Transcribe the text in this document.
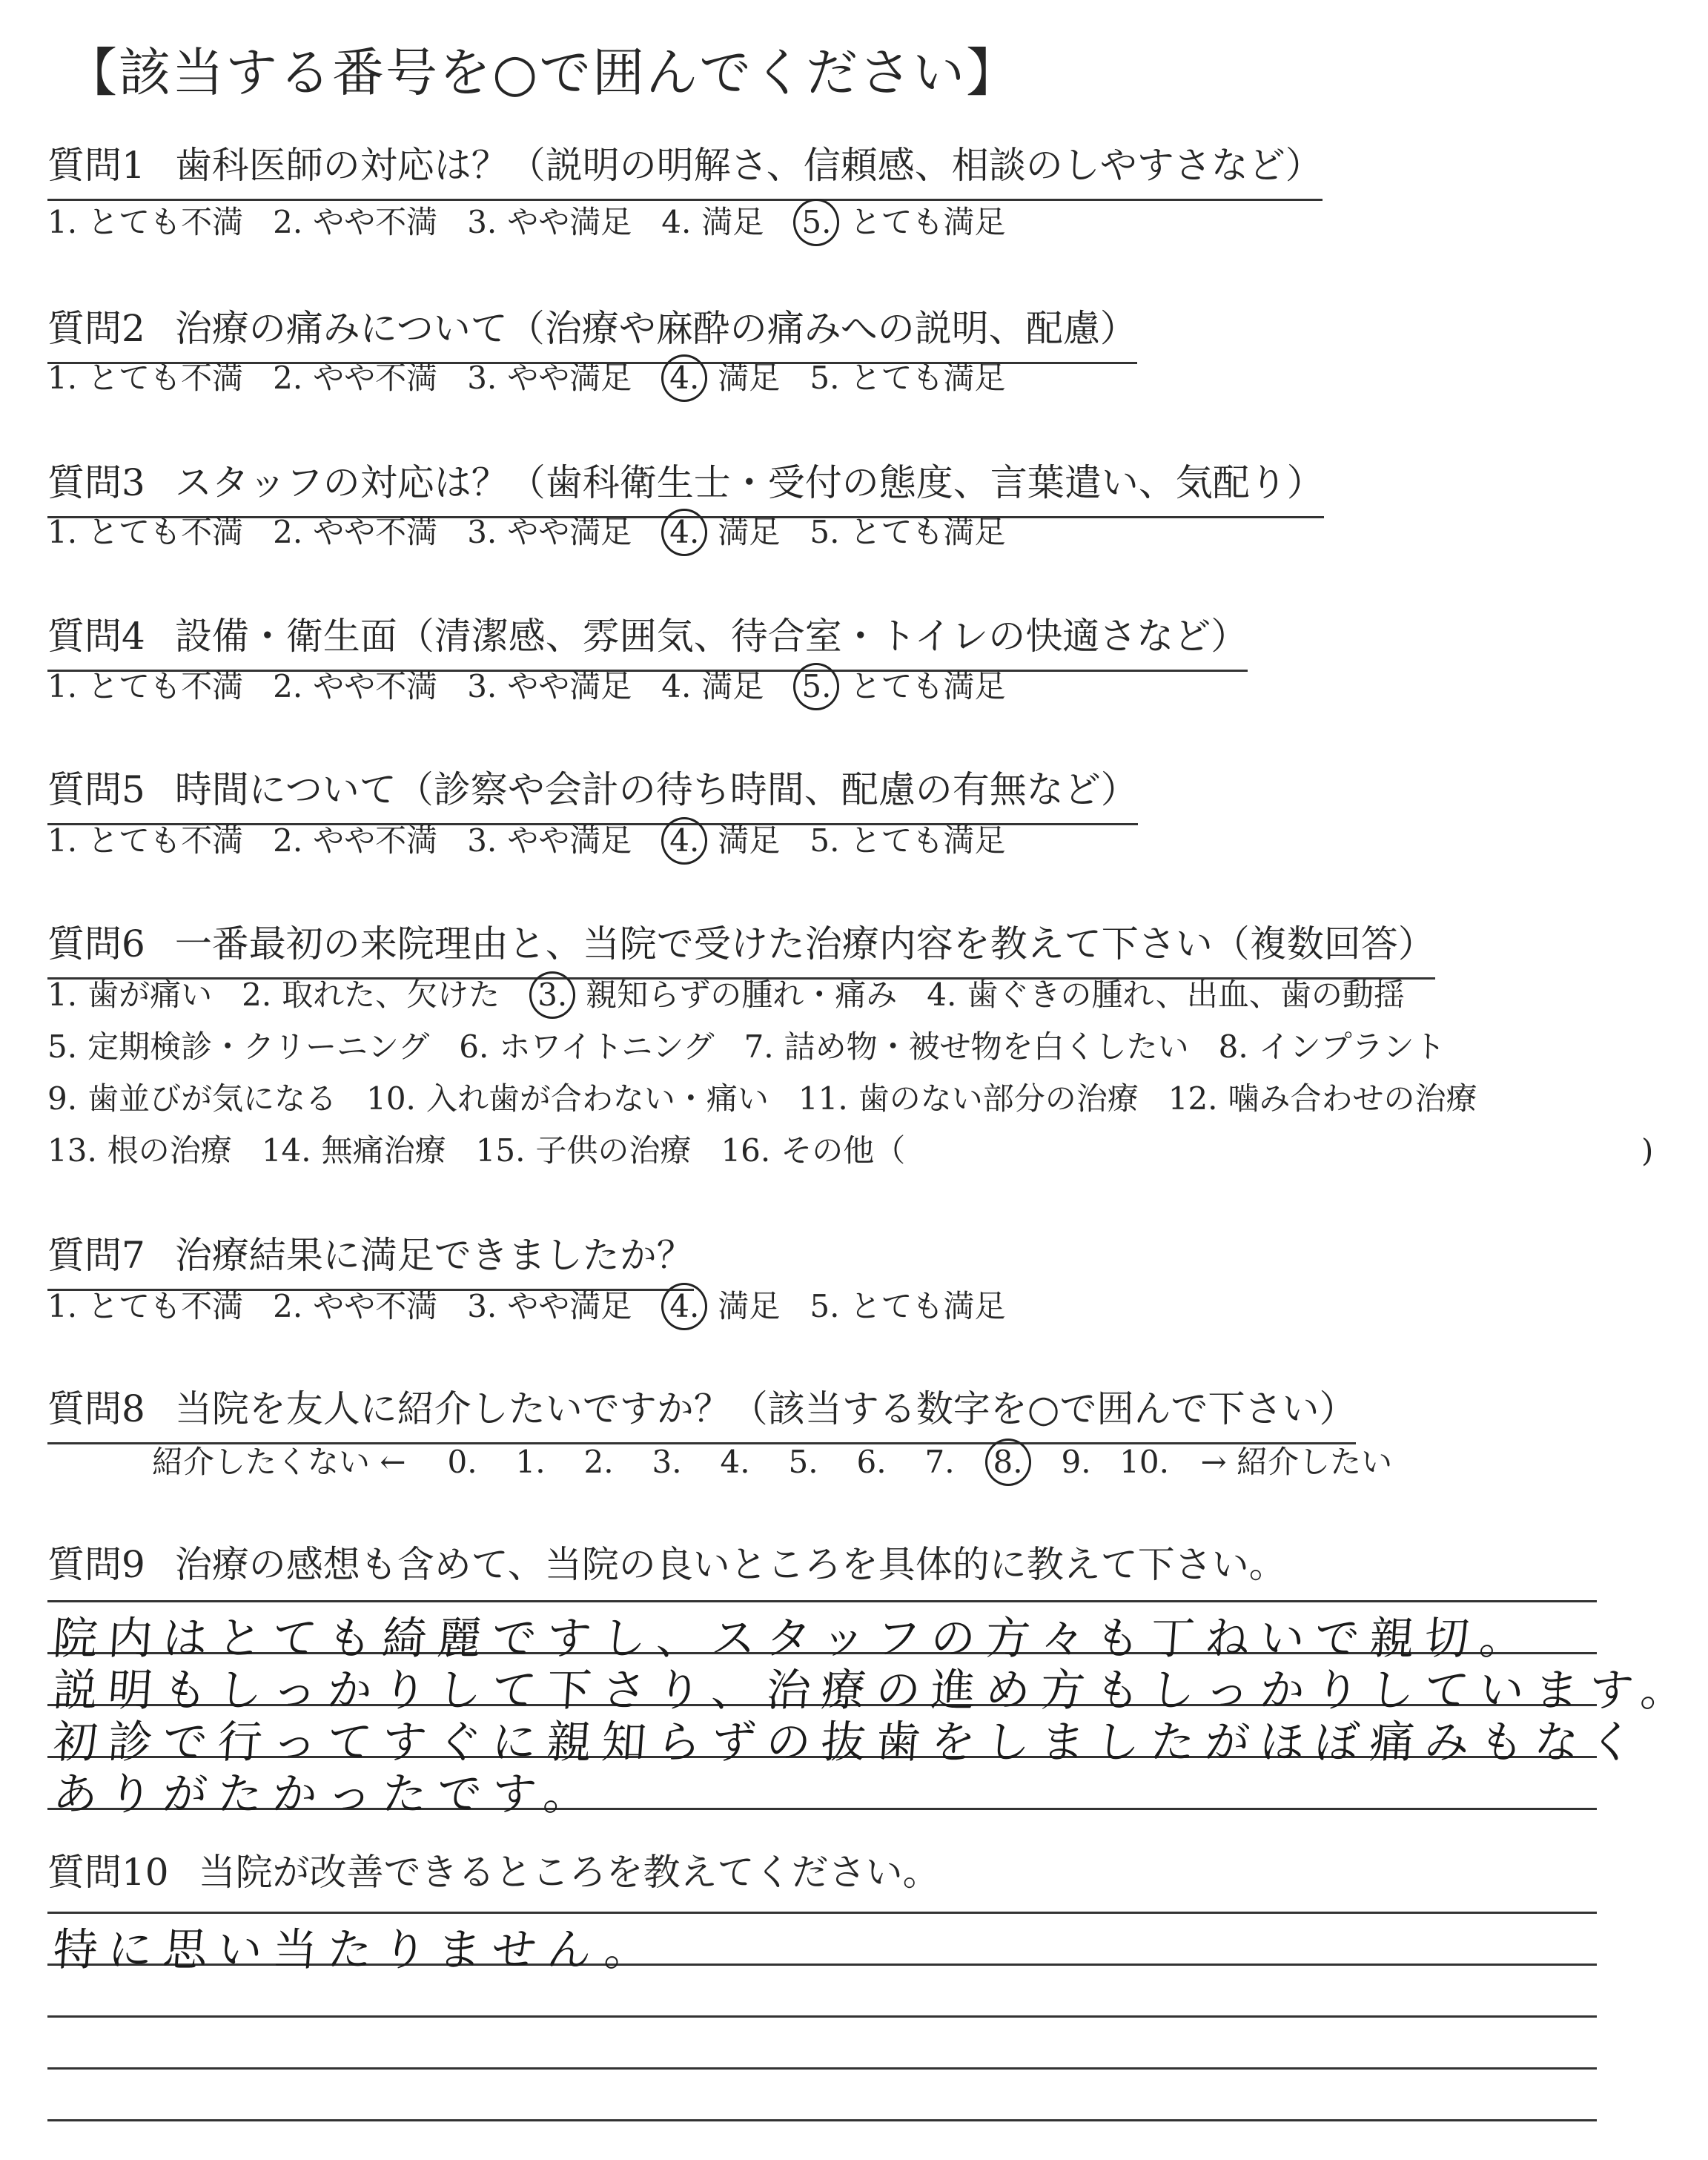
【該当する番号を○で囲んでください】
質問1 歯科医師の対応は？（説明の明解さ、信頼感、相談のしやすさなど）
1. とても不満 2. やや不満 3. やや満足 4. 満足 5. とても満足
質問2 治療の痛みについて（治療や麻酔の痛みへの説明、配慮）
1. とても不満 2. やや不満 3. やや満足 4. 満足 5. とても満足
質問3 スタッフの対応は？（歯科衛生士・受付の態度、言葉遣い、気配り）
1. とても不満 2. やや不満 3. やや満足 4. 満足 5. とても満足
質問4 設備・衛生面（清潔感、雰囲気、待合室・トイレの快適さなど）
1. とても不満 2. やや不満 3. やや満足 4. 満足 5. とても満足
質問5 時間について（診察や会計の待ち時間、配慮の有無など）
1. とても不満 2. やや不満 3. やや満足 4. 満足 5. とても満足
質問6 一番最初の来院理由と、当院で受けた治療内容を教えて下さい（複数回答）
1. 歯が痛い 2. 取れた、欠けた 3. 親知らずの腫れ・痛み 4. 歯ぐきの腫れ、出血、歯の動揺
5. 定期検診・クリーニング 6. ホワイトニング 7. 詰め物・被せ物を白くしたい 8. インプラント
9. 歯並びが気になる 10. 入れ歯が合わない・痛い 11. 歯のない部分の治療 12. 噛み合わせの治療
13. 根の治療 14. 無痛治療 15. 子供の治療 16. その他（	)
質問7 治療結果に満足できましたか？
1. とても不満 2. やや不満 3. やや満足 4. 満足 5. とても満足
質問8 当院を友人に紹介したいですか？（該当する数字を○で囲んで下さい）
紹介したくない ← 0. 1. 2. 3. 4. 5. 6. 7. 8. 9. 10. → 紹介したい
質問9 治療の感想も含めて、当院の良いところを具体的に教えて下さい。
院内はとても綺麗ですし、スタッフの方々も丁ねいで親切。
説明もしっかりして下さり、治療の進め方もしっかりしています。
初診で行ってすぐに親知らずの抜歯をしましたがほぼ痛みもなく
ありがたかったです。
質問10 当院が改善できるところを教えてください。
特に思い当たりません。
